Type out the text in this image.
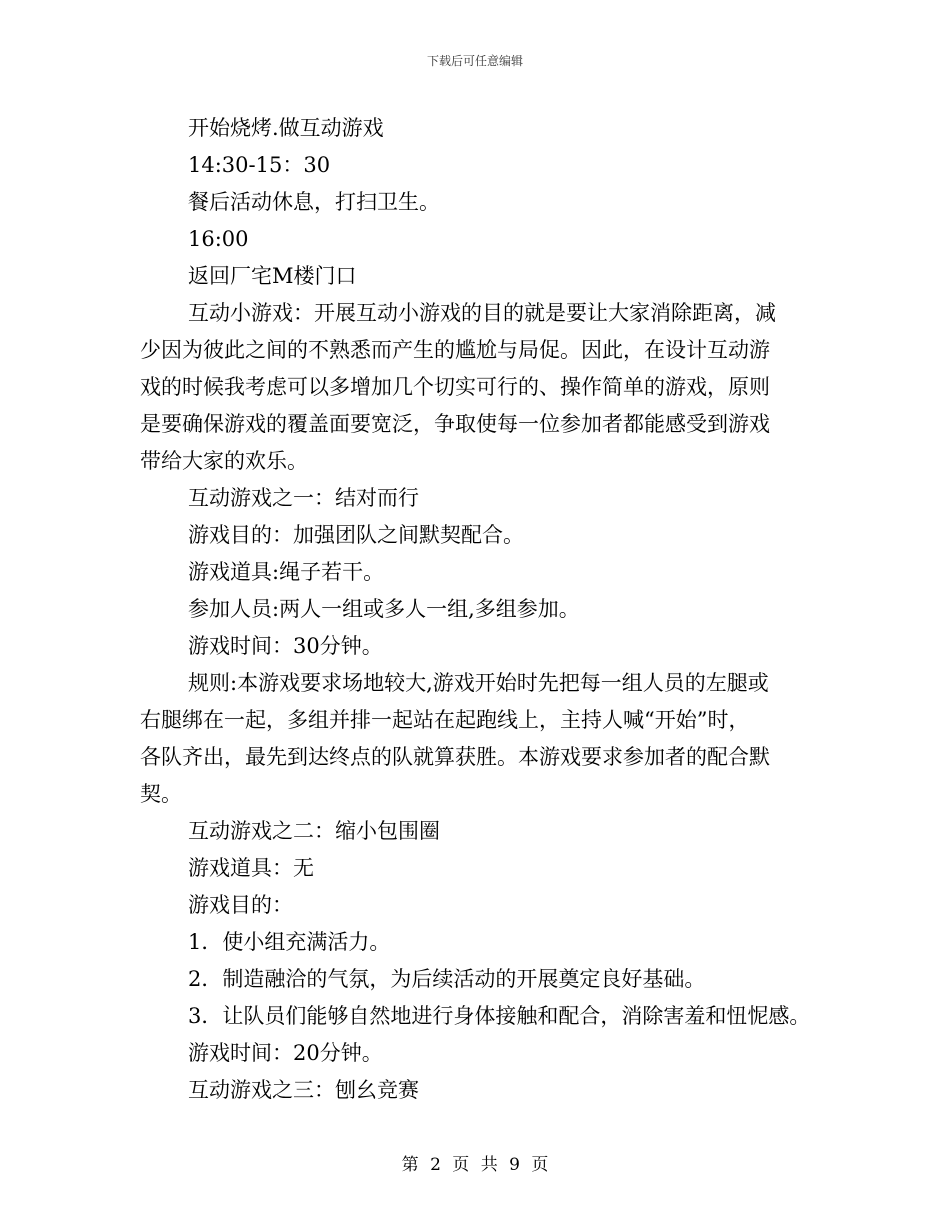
下载后可任意编辑
开始烧烤.做互动游戏
14:30-15：30
餐后活动休息，打扫卫生。
16:00
返回厂宅M楼门口
互动小游戏：开展互动小游戏的目的就是要让大家消除距离，减
少因为彼此之间的不熟悉而产生的尴尬与局促。因此，在设计互动游
戏的时候我考虑可以多增加几个切实可行的、操作简单的游戏，原则
是要确保游戏的覆盖面要宽泛，争取使每一位参加者都能感受到游戏
带给大家的欢乐。
互动游戏之一：结对而行
游戏目的：加强团队之间默契配合。
游戏道具:绳子若干。
参加人员:两人一组或多人一组,多组参加。
游戏时间：30分钟。
规则:本游戏要求场地较大,游戏开始时先把每一组人员的左腿或
右腿绑在一起，多组并排一起站在起跑线上，主持人喊“开始”时，
各队齐出，最先到达终点的队就算获胜。本游戏要求参加者的配合默
契。
互动游戏之二：缩小包围圈
游戏道具：无
游戏目的：
1．使小组充满活力。
2．制造融洽的气氛，为后续活动的开展奠定良好基础。
3．让队员们能够自然地进行身体接触和配合，消除害羞和忸怩感。
游戏时间：20分钟。
互动游戏之三：刨幺竞赛
第 2 页 共 9 页
